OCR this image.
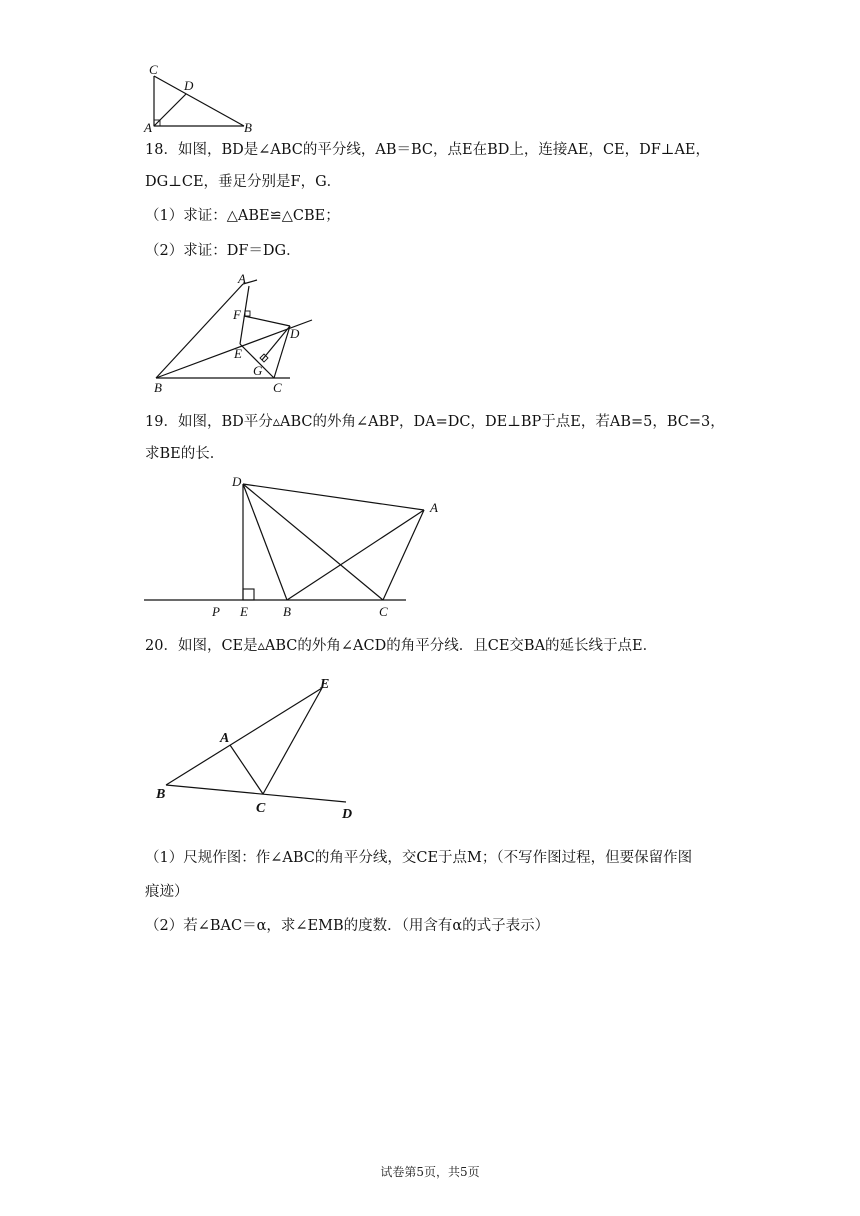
C
D
A	B
18．如图，BD是∠ABC的平分线，AB＝BC，点E在BD上，连接AE，CE，DF⊥AE，
DG⊥CE，垂足分别是F，G．
（1）求证：△ABE≌△CBE；
（2）求证：DF＝DG．
A
F
D
E
G
B	C
19．如图，BD平分▵ABC的外角∠ABP，DA=DC，DE⊥BP于点E，若AB=5，BC=3，
求BE的长．
D
A
P E	B	C
20．如图，CE是▵ABC的外角∠ACD的角平分线．且CE交BA的延长线于点E．
E
A
B
C	D
（1）尺规作图：作∠ABC的角平分线，交CE于点M；（不写作图过程，但要保留作图
痕迹）
（2）若∠BAC＝α，求∠EMB的度数．（用含有α的式子表示）
试卷第5页，共5页
